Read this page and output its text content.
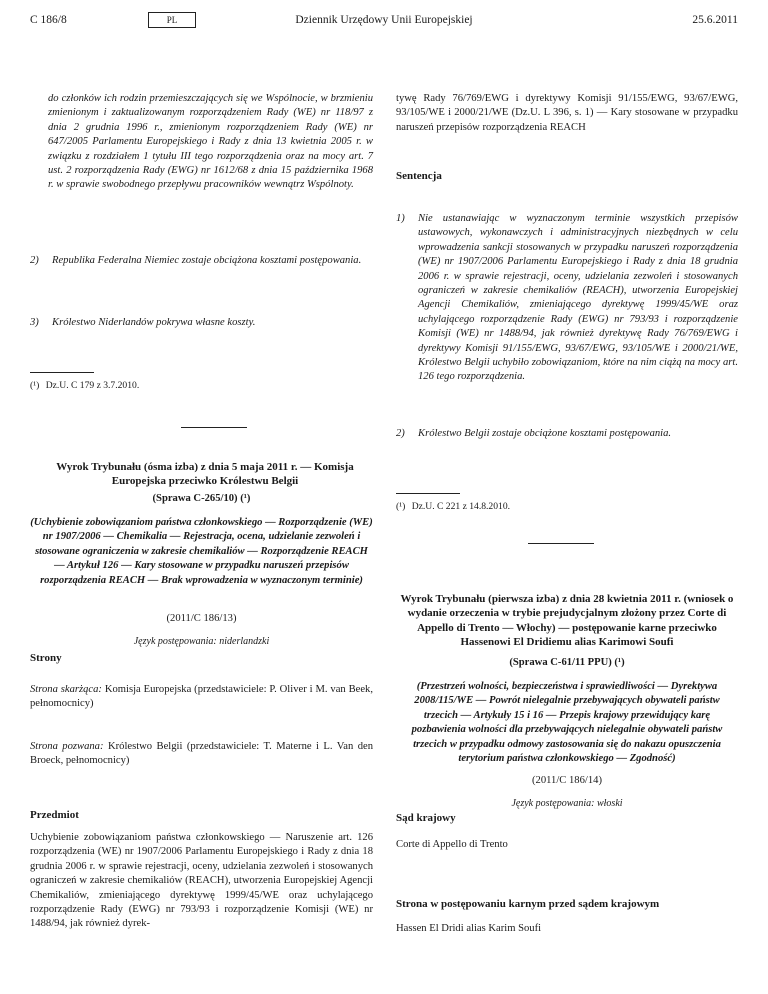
C 186/8	PL	Dziennik Urzędowy Unii Europejskiej	25.6.2011
do członków ich rodzin przemieszczających się we Wspólnocie, w brzmieniu zmienionym i zaktualizowanym rozporządzeniem Rady (WE) nr 118/97 z dnia 2 grudnia 1996 r., zmienionym rozporządzeniem Rady (WE) nr 647/2005 Parlamentu Europejskiego i Rady z dnia 13 kwietnia 2005 r. w związku z rozdziałem 1 tytułu III tego rozporządzenia oraz na mocy art. 7 ust. 2 rozporządzenia Rady (EWG) nr 1612/68 z dnia 15 października 1968 r. w sprawie swobodnego przepływu pracowników wewnątrz Wspólnoty.
2)	Republika Federalna Niemiec zostaje obciążona kosztami postępowania.
3)	Królestwo Niderlandów pokrywa własne koszty.
(¹) Dz.U. C 179 z 3.7.2010.
Wyrok Trybunału (ósma izba) z dnia 5 maja 2011 r. — Komisja Europejska przeciwko Królestwu Belgii
(Sprawa C-265/10) (¹)
(Uchybienie zobowiązaniom państwa członkowskiego — Rozporządzenie (WE) nr 1907/2006 — Chemikalia — Rejestracja, ocena, udzielanie zezwoleń i stosowane ograniczenia w zakresie chemikaliów — Rozporządzenie REACH — Artykuł 126 — Kary stosowane w przypadku naruszeń przepisów rozporządzenia REACH — Brak wprowadzenia w wyznaczonym terminie)
(2011/C 186/13)
Język postępowania: niderlandzki
Strony
Strona skarżąca: Komisja Europejska (przedstawiciele: P. Oliver i M. van Beek, pełnomocnicy)
Strona pozwana: Królestwo Belgii (przedstawiciele: T. Materne i L. Van den Broeck, pełnomocnicy)
Przedmiot
Uchybienie zobowiązaniom państwa członkowskiego — Naruszenie art. 126 rozporządzenia (WE) nr 1907/2006 Parlamentu Europejskiego i Rady z dnia 18 grudnia 2006 r. w sprawie rejestracji, oceny, udzielania zezwoleń i stosowanych ograniczeń w zakresie chemikaliów (REACH), utworzenia Europejskiej Agencji Chemikaliów, zmieniającego dyrektywę 1999/45/WE oraz uchylającego rozporządzenie Rady (EWG) nr 793/93 i rozporządzenie Komisji (WE) nr 1488/94, jak również dyrek-
tywę Rady 76/769/EWG i dyrektywy Komisji 91/155/EWG, 93/67/EWG, 93/105/WE i 2000/21/WE (Dz.U. L 396, s. 1) — Kary stosowane w przypadku naruszeń przepisów rozporządzenia REACH
Sentencja
1)	Nie ustanawiając w wyznaczonym terminie wszystkich przepisów ustawowych, wykonawczych i administracyjnych niezbędnych w celu wprowadzenia sankcji stosowanych w przypadku naruszeń rozporządzenia (WE) nr 1907/2006 Parlamentu Europejskiego i Rady z dnia 18 grudnia 2006 r. w sprawie rejestracji, oceny, udzielania zezwoleń i stosowanych ograniczeń w zakresie chemikaliów (REACH), utworzenia Europejskiej Agencji Chemikaliów, zmieniającego dyrektywę 1999/45/WE oraz uchylającego rozporządzenie Rady (EWG) nr 793/93 i rozporządzenie Komisji (WE) nr 1488/94, jak również dyrektywę Rady 76/769/EWG i dyrektywy Komisji 91/155/EWG, 93/67/EWG, 93/105/WE i 2000/21/WE, Królestwo Belgii uchybiło zobowiązaniom, które na nim ciążą na mocy art. 126 tego rozporządzenia.
2)	Królestwo Belgii zostaje obciążone kosztami postępowania.
(¹) Dz.U. C 221 z 14.8.2010.
Wyrok Trybunału (pierwsza izba) z dnia 28 kwietnia 2011 r. (wniosek o wydanie orzeczenia w trybie prejudycjalnym złożony przez Corte di Appello di Trento — Włochy) — postępowanie karne przeciwko Hassenowi El Dridiemu alias Karimowi Soufi
(Sprawa C-61/11 PPU) (¹)
(Przestrzeń wolności, bezpieczeństwa i sprawiedliwości — Dyrektywa 2008/115/WE — Powrót nielegalnie przebywających obywateli państw trzecich — Artykuły 15 i 16 — Przepis krajowy przewidujący karę pozbawienia wolności dla przebywających nielegalnie obywateli państw trzecich w przypadku odmowy zastosowania się do nakazu opuszczenia terytorium państwa członkowskiego — Zgodność)
(2011/C 186/14)
Język postępowania: włoski
Sąd krajowy
Corte di Appello di Trento
Strona w postępowaniu karnym przed sądem krajowym
Hassen El Dridi alias Karim Soufi
